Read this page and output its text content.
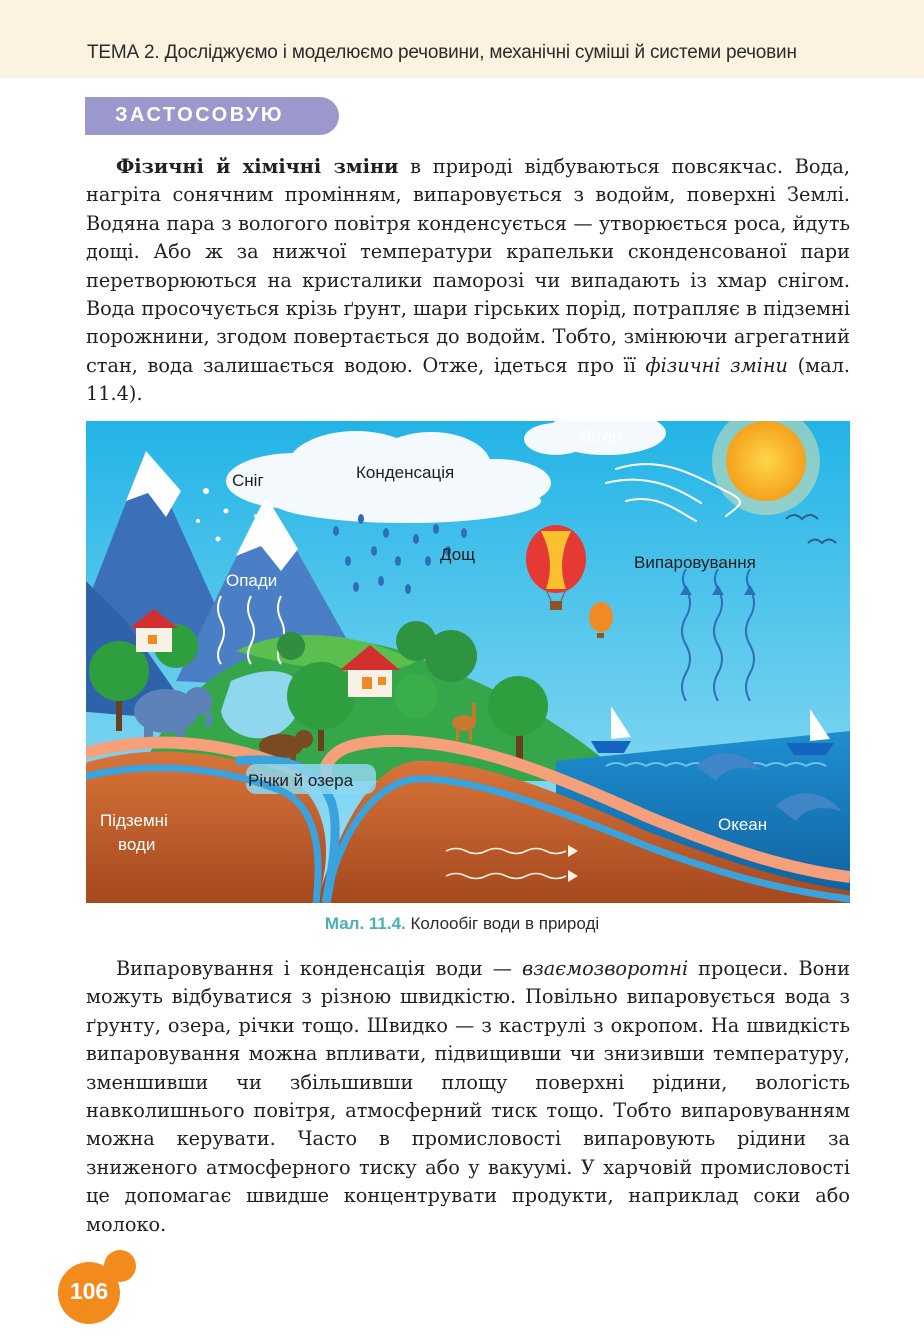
ТЕМА 2. Досліджуємо і моделюємо речовини, механічні суміші й системи речовин
ЗАСТОСОВУЮ
Фізичні й хімічні зміни в природі відбуваються повсякчас. Вода, нагріта сонячним промінням, випаровується з водойм, поверхні Землі. Водяна пара з вологого повітря конденсується — утворюється роса, йдуть дощі. Або ж за нижчої температури крапельки сконденсованої пари перетворюються на кристалики паморозі чи випадають із хмар снігом. Вода просочується крізь ґрунт, шари гірських порід, потрапляє в підземні порожнини, згодом повертається до водойм. Тобто, змінюючи агрегатний стан, вода залишається водою. Отже, ідеться про її фізичні зміни (мал. 11.4).
Сніг	Конденсація
Вітер
Дощ
Опади
Випаровування
Річки й озера
Підземні
води
Океан
Мал. 11.4. Колообіг води в природі
Випаровування і конденсація води — взаємозворотні процеси. Вони можуть відбуватися з різною швидкістю. Повільно випаровується вода з ґрунту, озера, річки тощо. Швидко — з каструлі з окропом. На швидкість випаровування можна впливати, підвищивши чи знизивши температуру, зменшивши чи збільшивши площу поверхні рідини, вологість навколишнього повітря, атмосферний тиск тощо. Тобто випаровуванням можна керувати. Часто в промисловості випаровують рідини за зниженого атмосферного тиску або у вакуумі. У харчовій промисловості це допомагає швидше концентрувати продукти, наприклад соки або молоко.
106
